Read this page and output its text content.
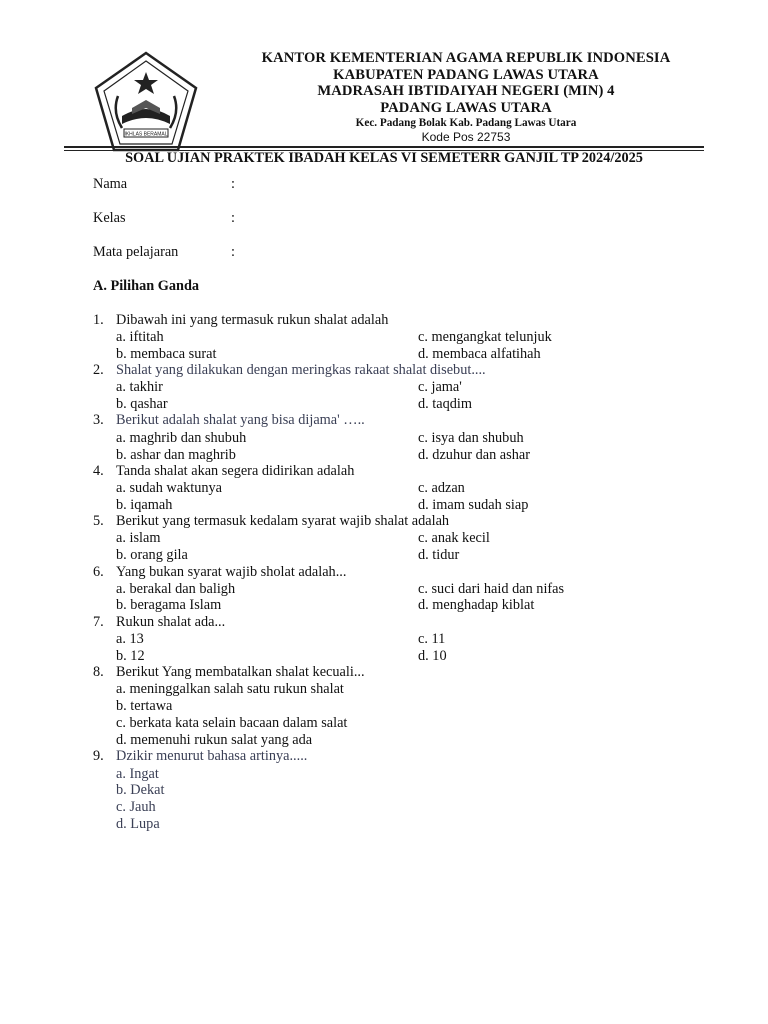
IKHLAS BERAMAL
KANTOR KEMENTERIAN AGAMA REPUBLIK INDONESIA
KABUPATEN PADANG LAWAS UTARA
MADRASAH IBTIDAIYAH NEGERI (MIN) 4
PADANG LAWAS UTARA
Kec. Padang Bolak Kab. Padang Lawas Utara
Kode Pos 22753
SOAL UJIAN PRAKTEK IBADAH KELAS VI SEMETERR GANJIL TP 2024/2025
Nama	:
Kelas	:
Mata pelajaran	:
A. Pilihan Ganda
1. Dibawah ini yang termasuk rukun shalat adalah
a. iftitah	c. mengangkat telunjuk
b. membaca surat	d. membaca alfatihah
2. Shalat yang dilakukan dengan meringkas rakaat shalat disebut....
a. takhir	c. jama'
b. qashar	d. taqdim
3. Berikut adalah shalat yang bisa dijama' …..
a. maghrib dan shubuh	c. isya dan shubuh
b. ashar dan maghrib	d. dzuhur dan ashar
4. Tanda shalat akan segera didirikan adalah
a. sudah waktunya	c. adzan
b. iqamah	d. imam sudah siap
5. Berikut yang termasuk kedalam syarat wajib shalat adalah
a. islam	c. anak kecil
b. orang gila	d. tidur
6. Yang bukan syarat wajib sholat adalah...
a. berakal dan baligh	c. suci dari haid dan nifas
b. beragama Islam	d. menghadap kiblat
7. Rukun shalat ada...
a. 13	c. 11
b. 12	d. 10
8. Berikut Yang membatalkan shalat kecuali...
a. meninggalkan salah satu rukun shalat
b. tertawa
c. berkata kata selain bacaan dalam salat
d. memenuhi rukun salat yang ada
9. Dzikir menurut bahasa artinya.....
a. Ingat
b. Dekat
c. Jauh
d. Lupa
